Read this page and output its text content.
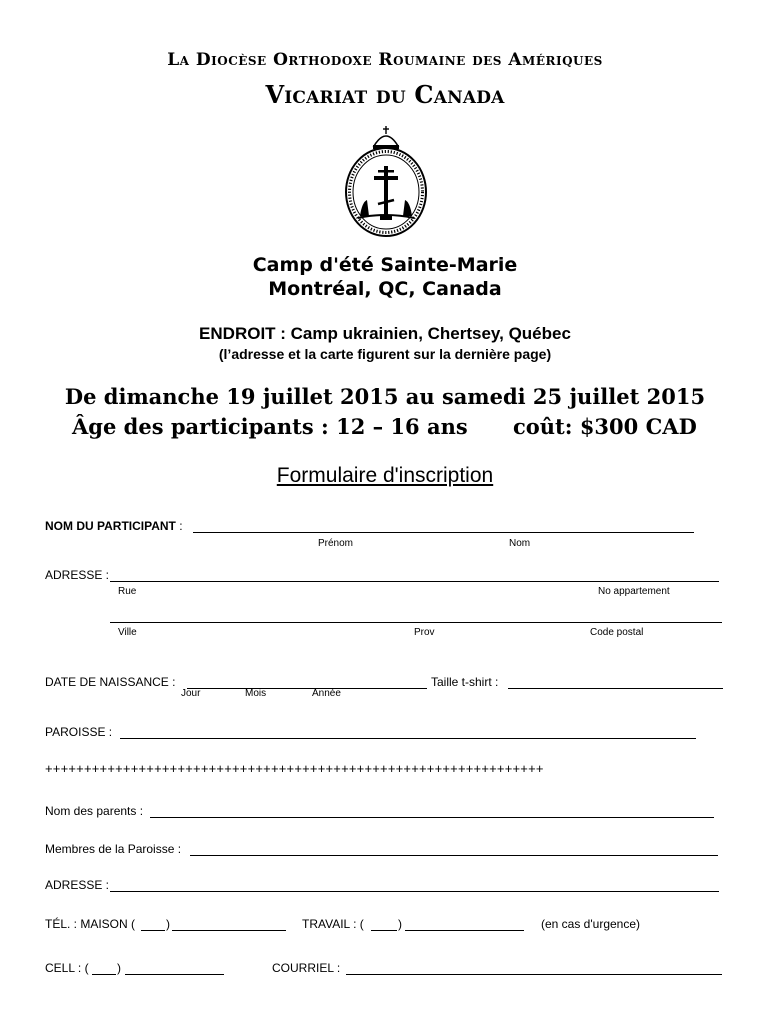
La Diocèse Orthodoxe Roumaine des Amériques
Vicariat du Canada
Camp d'été Sainte-Marie
Montréal, QC, Canada
ENDROIT : Camp ukrainien, Chertsey, Québec
(l’adresse et la carte figurent sur la dernière page)
De dimanche 19 juillet 2015 au samedi 25 juillet 2015
Âge des participants : 12 – 16 ans coût: $300 CAD
Formulaire d'inscription
NOM DU PARTICIPANT :
Prénom	Nom
ADRESSE :
Rue	No appartement
Ville	Prov	Code postal
DATE DE NAISSANCE :
Jour	Mois	Année
Taille t-shirt :
PAROISSE :
++++++++++++++++++++++++++++++++++++++++++++++++++++++++++++++++
Nom des parents :
Membres de la Paroisse :
ADRESSE :
TÉL. : MAISON (	)	TRAVAIL : (	)	(en cas d'urgence)
CELL : ( )	COURRIEL :
